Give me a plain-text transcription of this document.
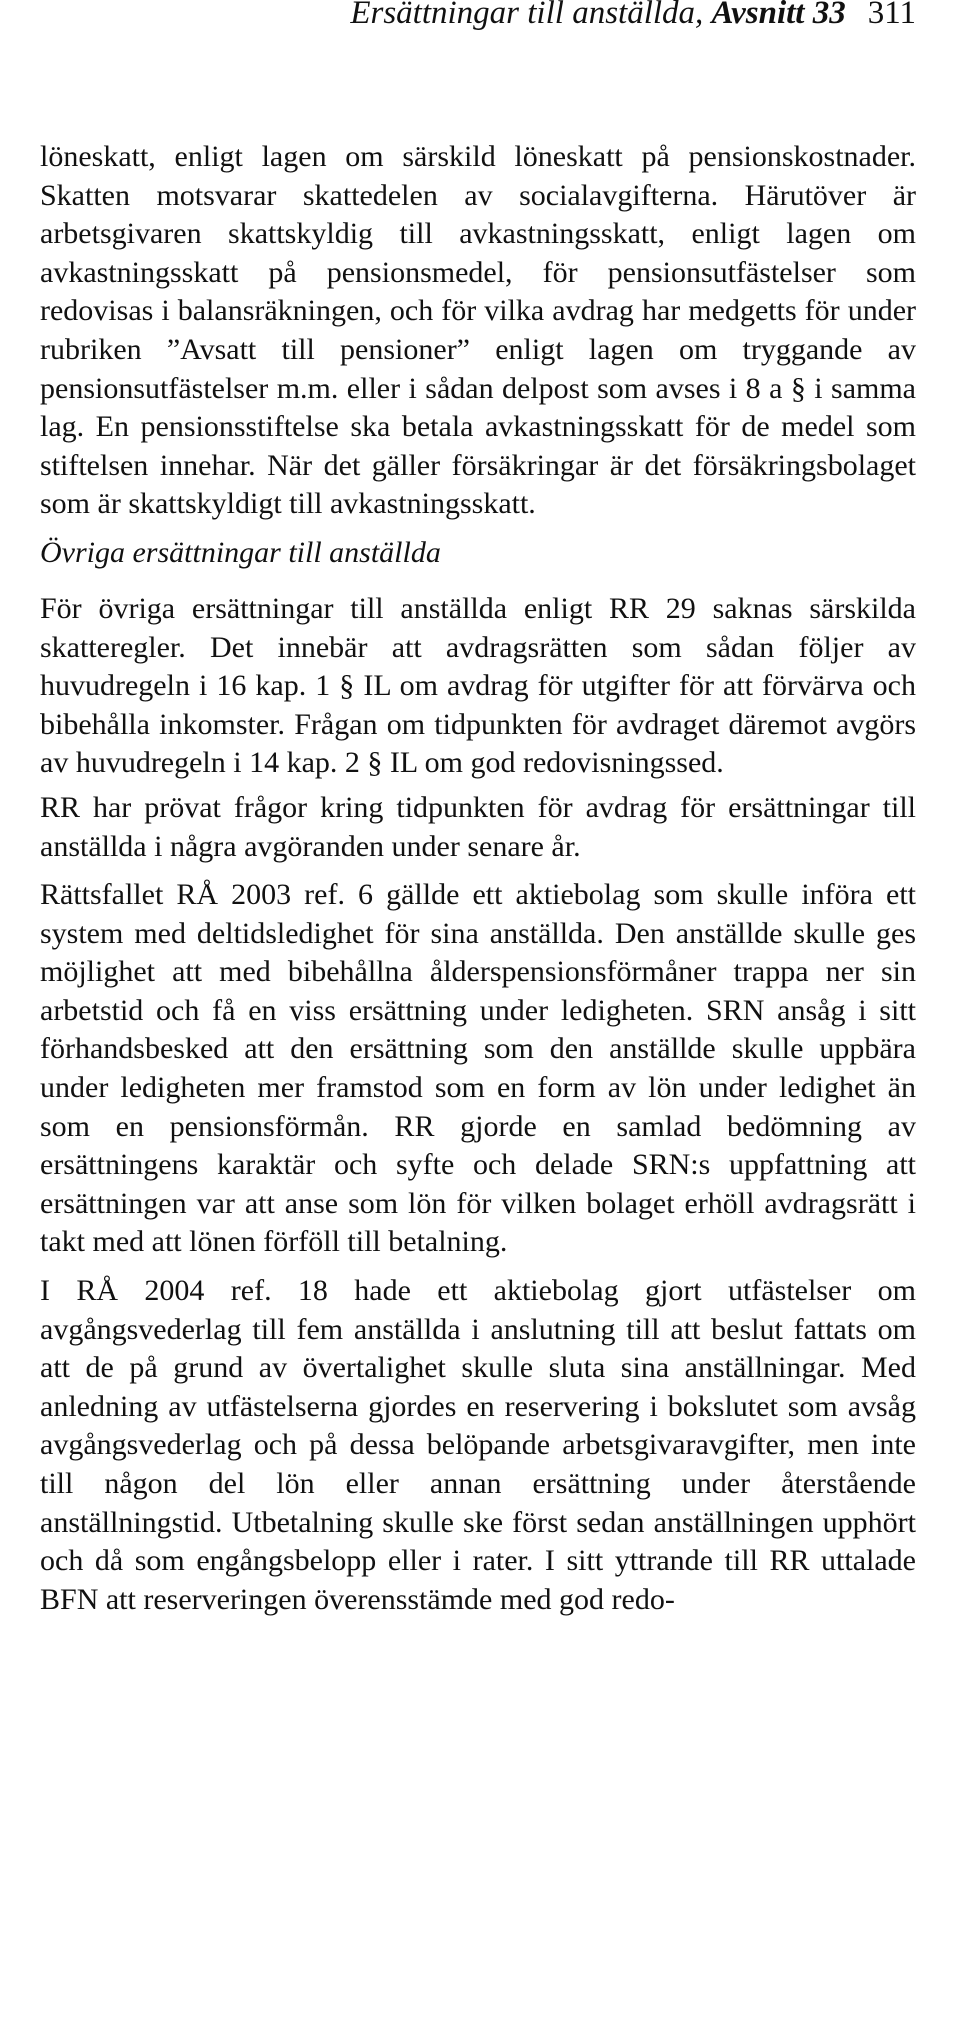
Ersättningar till anställda, Avsnitt 33 311

löneskatt, enligt lagen om särskild löneskatt på pensionskostnader. Skatten motsvarar skattedelen av socialavgifterna. Härutöver är arbetsgivaren skattskyldig till avkastningsskatt, enligt lagen om avkastningsskatt på pensionsmedel, för pensionsutfästelser som redovisas i balansräkningen, och för vilka avdrag har medgetts för under rubriken ”Avsatt till pensioner” enligt lagen om tryggande av pensionsutfästelser m.m. eller i sådan delpost som avses i 8 a § i samma lag. En pensionsstiftelse ska betala avkastningsskatt för de medel som stiftelsen innehar. När det gäller försäkringar är det försäkringsbolaget som är skattskyldigt till avkastningsskatt.

Övriga ersättningar till anställda

För övriga ersättningar till anställda enligt RR 29 saknas särskilda skatteregler. Det innebär att avdragsrätten som sådan följer av huvudregeln i 16 kap. 1 § IL om avdrag för utgifter för att förvärva och bibehålla inkomster. Frågan om tidpunkten för avdraget däremot avgörs av huvudregeln i 14 kap. 2 § IL om god redovisningssed.

RR har prövat frågor kring tidpunkten för avdrag för ersättningar till anställda i några avgöranden under senare år.

Rättsfallet RÅ 2003 ref. 6 gällde ett aktiebolag som skulle införa ett system med deltidsledighet för sina anställda. Den anställde skulle ges möjlighet att med bibehållna ålderspensionsförmåner trappa ner sin arbetstid och få en viss ersättning under ledigheten. SRN ansåg i sitt förhandsbesked att den ersättning som den anställde skulle uppbära under ledigheten mer framstod som en form av lön under ledighet än som en pensionsförmån. RR gjorde en samlad bedömning av ersättningens karaktär och syfte och delade SRN:s uppfattning att ersättningen var att anse som lön för vilken bolaget erhöll avdragsrätt i takt med att lönen förföll till betalning.

I RÅ 2004 ref. 18 hade ett aktiebolag gjort utfästelser om avgångsvederlag till fem anställda i anslutning till att beslut fattats om att de på grund av övertalighet skulle sluta sina anställningar. Med anledning av utfästelserna gjordes en reservering i bokslutet som avsåg avgångsvederlag och på dessa belöpande arbetsgivaravgifter, men inte till någon del lön eller annan ersättning under återstående anställningstid. Utbetalning skulle ske först sedan anställningen upphört och då som engångsbelopp eller i rater. I sitt yttrande till RR uttalade BFN att reserveringen överensstämde med god redo-
